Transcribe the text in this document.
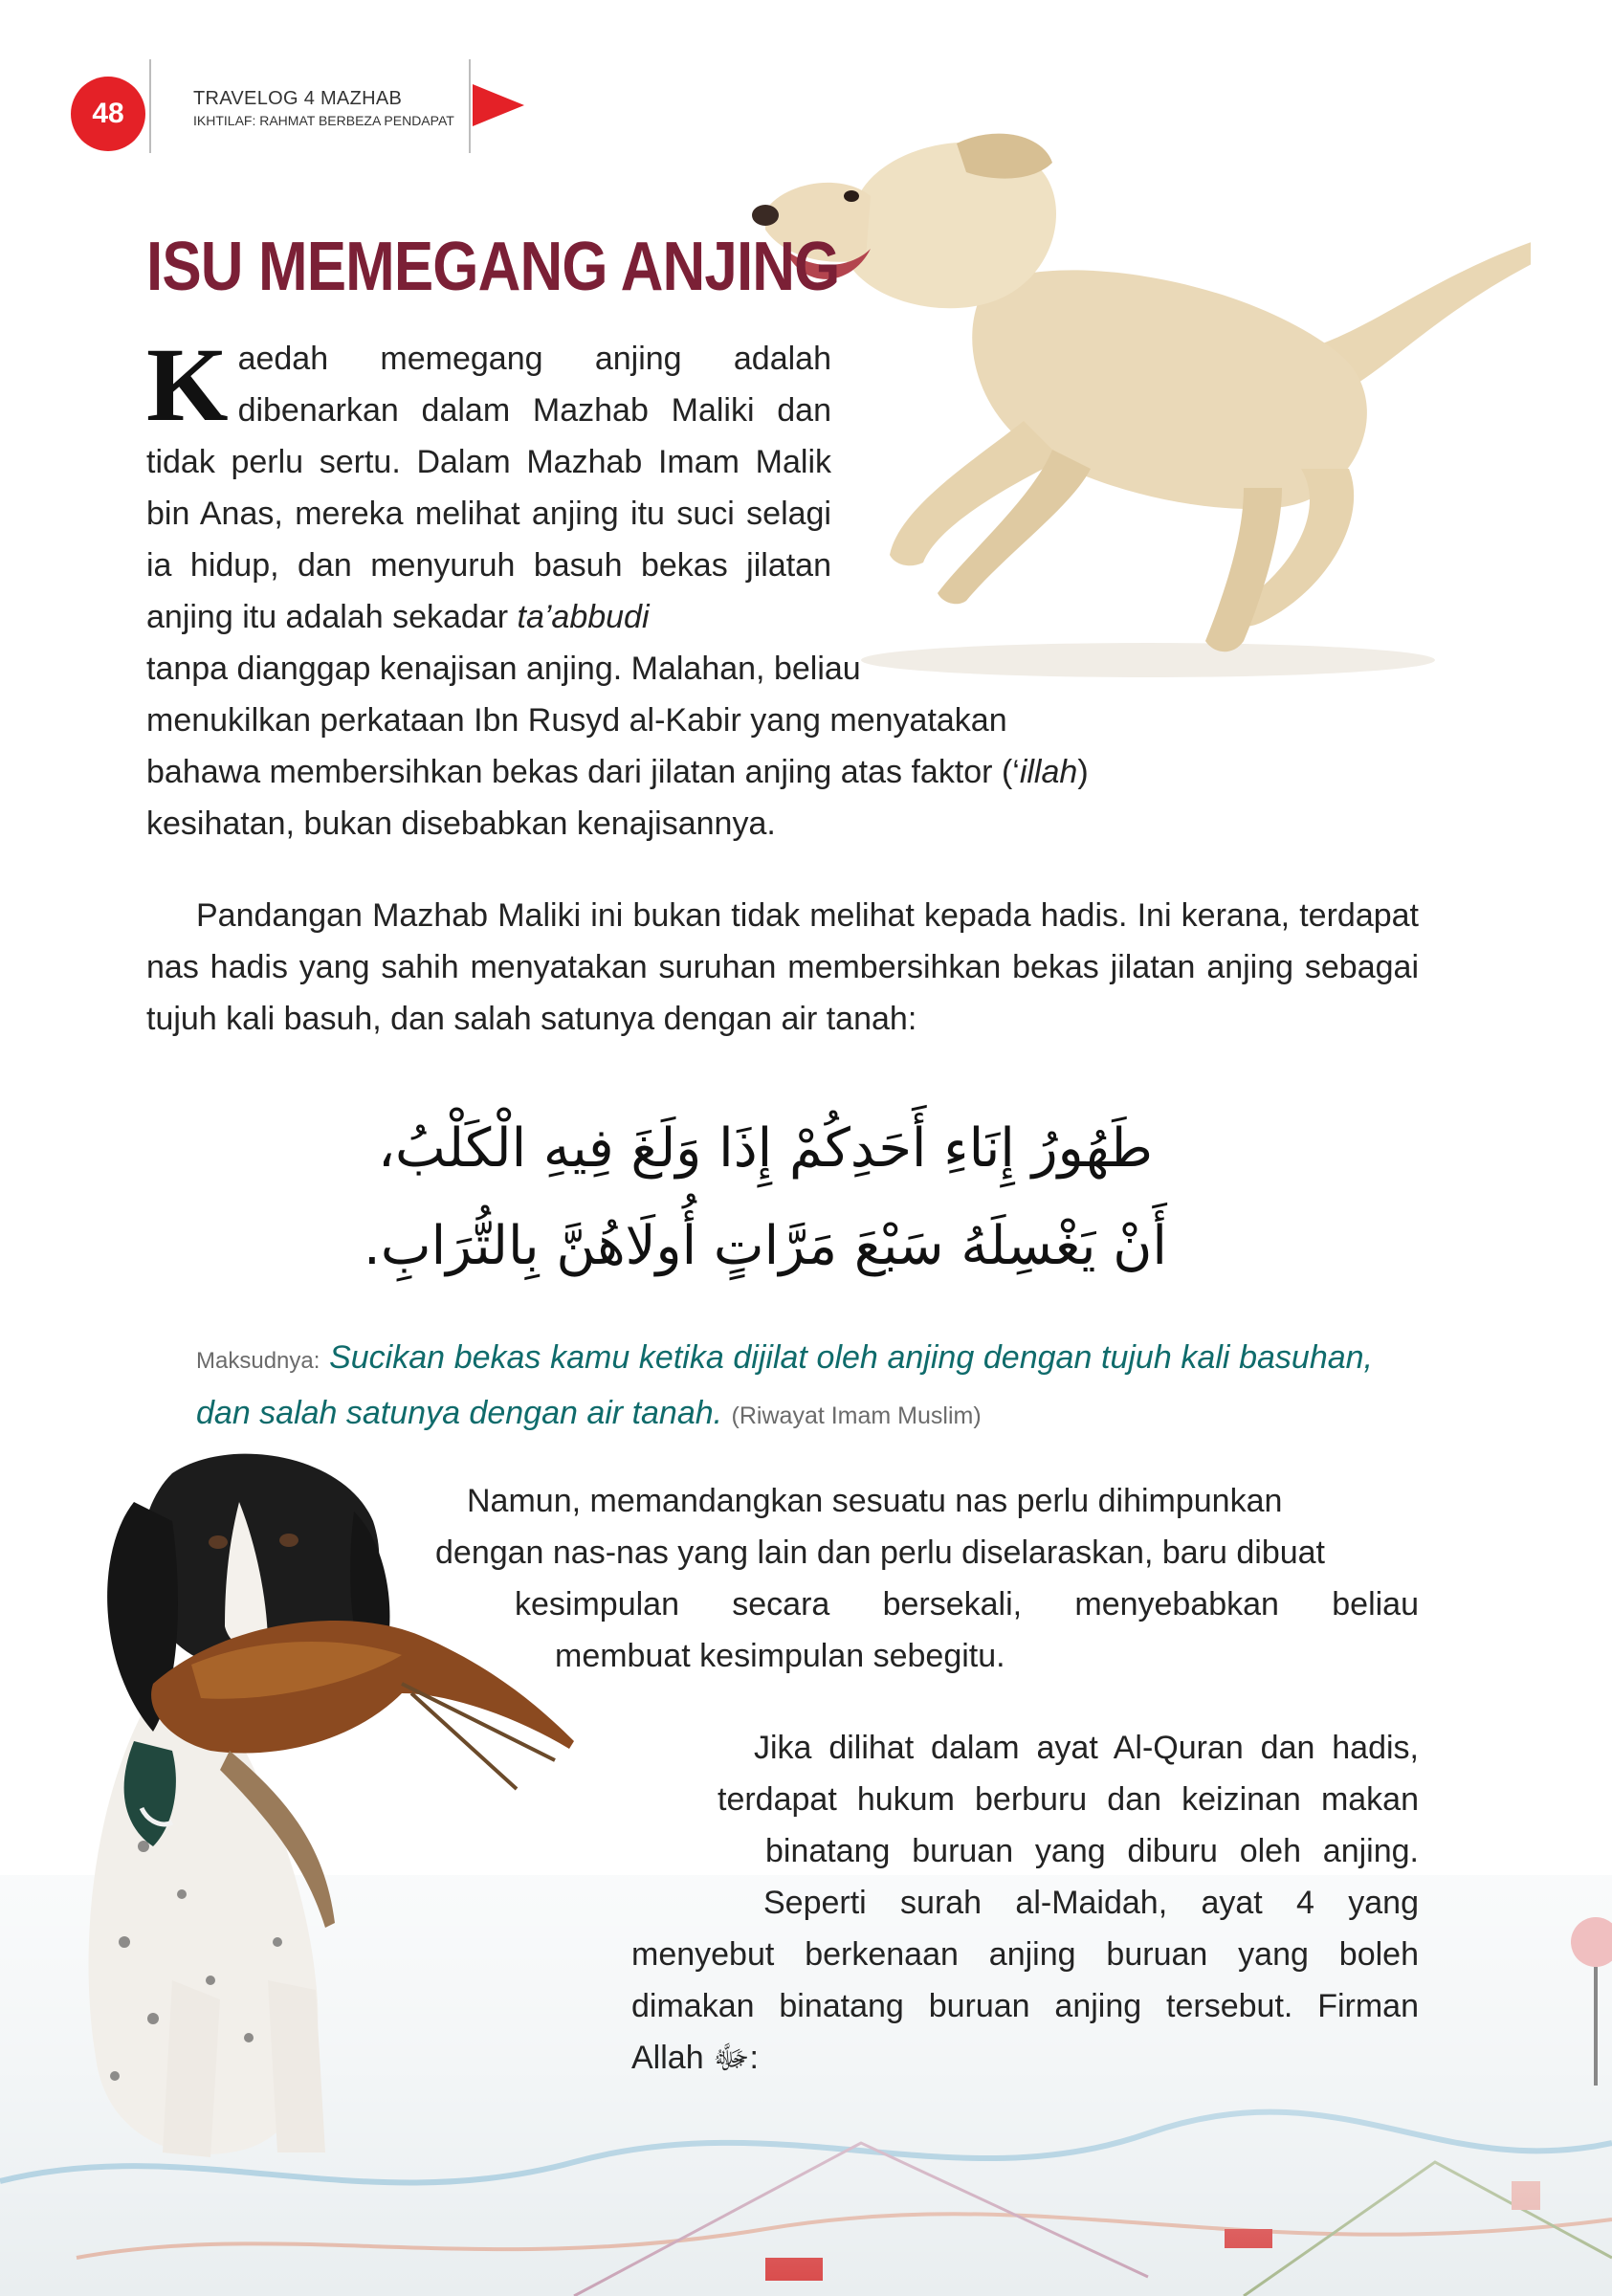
48	TRAVELOG 4 MAZHAB
IKHTILAF: RAHMAT BERBEZA PENDAPAT
ISU MEMEGANG ANJING

Kaedah memegang anjing adalah dibenarkan dalam Mazhab Maliki dan tidak perlu sertu. Dalam Mazhab Imam Malik bin Anas, mereka melihat anjing itu suci selagi ia hidup, dan menyuruh basuh bekas jilatan anjing itu adalah sekadar ta’abbudi

tanpa dianggap kenajisan anjing. Malahan, beliau

menukilkan perkataan Ibn Rusyd al-Kabir yang menyatakan

bahawa membersihkan bekas dari jilatan anjing atas faktor (‘illah)
kesihatan, bukan disebabkan kenajisannya.

Pandangan Mazhab Maliki ini bukan tidak melihat kepada hadis. Ini kerana, terdapat nas hadis yang sahih menyatakan suruhan membersihkan bekas jilatan anjing sebagai tujuh kali basuh, dan salah satunya dengan air tanah:

طَهُورُ إِنَاءِ أَحَدِكُمْ إِذَا وَلَغَ فِيهِ الْكَلْبُ،
أَنْ يَغْسِلَهُ سَبْعَ مَرَّاتٍ أُولَاهُنَّ بِالتُّرَابِ.
Maksudnya: Sucikan bekas kamu ketika dijilat oleh anjing dengan tujuh kali basuhan, dan salah satunya dengan air tanah. (Riwayat Imam Muslim)
Namun, memandangkan sesuatu nas perlu dihimpunkan
dengan nas-nas yang lain dan perlu diselaraskan, baru dibuat
kesimpulan secara bersekali, menyebabkan beliau
membuat kesimpulan sebegitu.
Jika dilihat dalam ayat Al-Quran dan hadis,
terdapat hukum berburu dan keizinan makan
binatang buruan yang diburu oleh anjing.
Seperti surah al-Maidah, ayat 4 yang
menyebut berkenaan anjing buruan yang boleh
dimakan binatang buruan anjing tersebut. Firman
Allah ﷻ:
